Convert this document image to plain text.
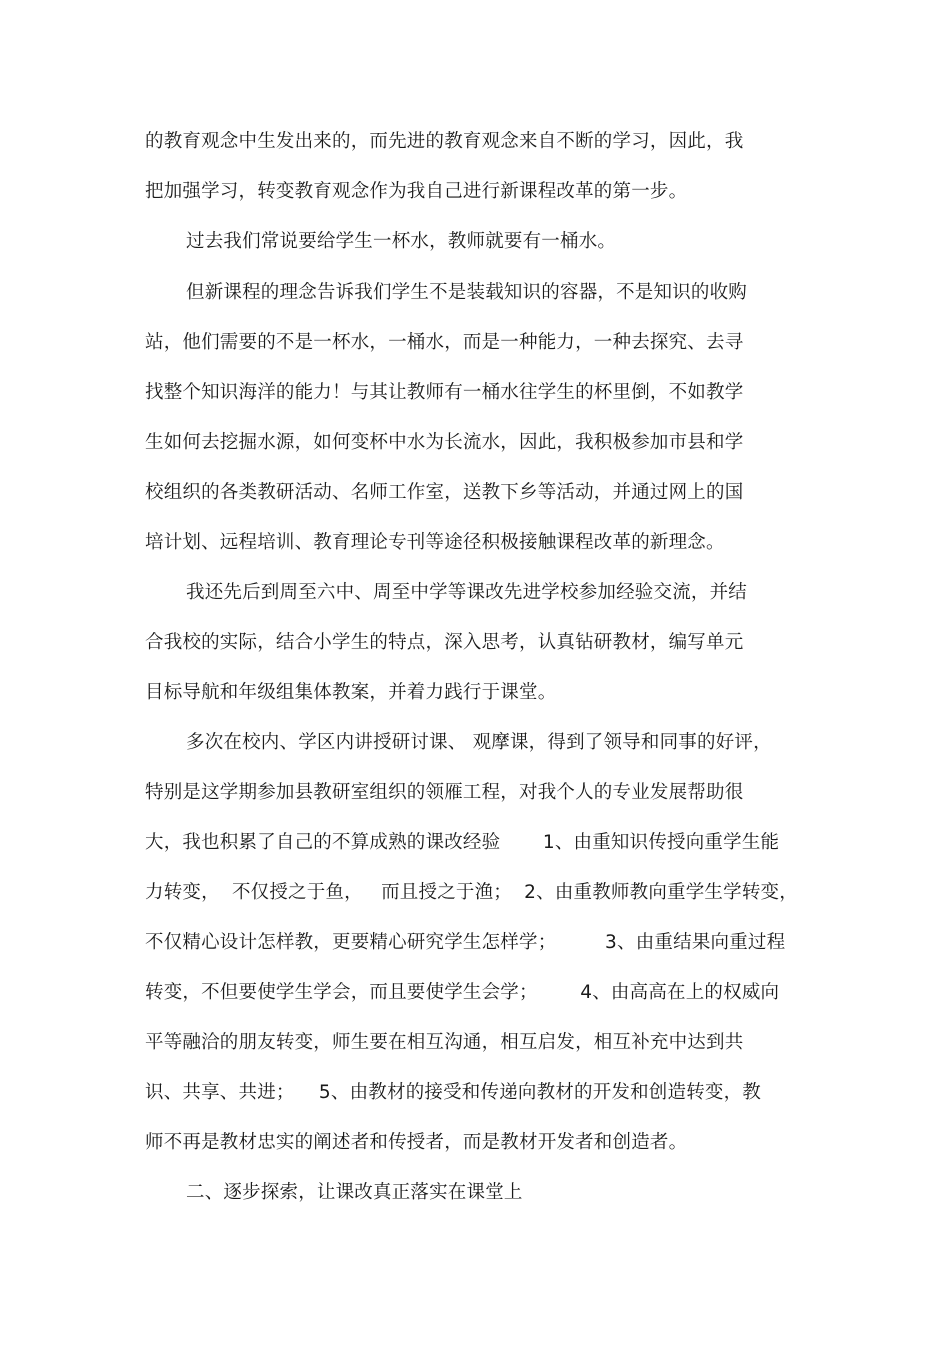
的教育观念中生发出来的，而先进的教育观念来自不断的学习，因此，我
把加强学习，转变教育观念作为我自己进行新课程改革的第一步。
过去我们常说要给学生一杯水，教师就要有一桶水。
但新课程的理念告诉我们学生不是装载知识的容器，不是知识的收购
站，他们需要的不是一杯水，一桶水，而是一种能力，一种去探究、去寻
找整个知识海洋的能力！与其让教师有一桶水往学生的杯里倒，不如教学
生如何去挖掘水源，如何变杯中水为长流水，因此，我积极参加市县和学
校组织的各类教研活动、名师工作室，送教下乡等活动，并通过网上的国
培计划、远程培训、教育理论专刊等途径积极接触课程改革的新理念。
我还先后到周至六中、周至中学等课改先进学校参加经验交流，并结
合我校的实际，结合小学生的特点，深入思考，认真钻研教材，编写单元
目标导航和年级组集体教案，并着力践行于课堂。
多次在校内、学区内讲授研讨课、 观摩课，得到了领导和同事的好评，
特别是这学期参加县教研室组织的领雁工程，对我个人的专业发展帮助很
大，我也积累了自己的不算成熟的课改经验       1、由重知识传授向重学生能
力转变，  不仅授之于鱼，   而且授之于渔；  2、由重教师教向重学生学转变，
不仅精心设计怎样教，更要精心研究学生怎样学；        3、由重结果向重过程
转变，不但要使学生学会，而且要使学生会学；       4、由高高在上的权威向
平等融洽的朋友转变，师生要在相互沟通，相互启发，相互补充中达到共
识、共享、共进；    5、由教材的接受和传递向教材的开发和创造转变，教
师不再是教材忠实的阐述者和传授者，而是教材开发者和创造者。
二、逐步探索，让课改真正落实在课堂上
